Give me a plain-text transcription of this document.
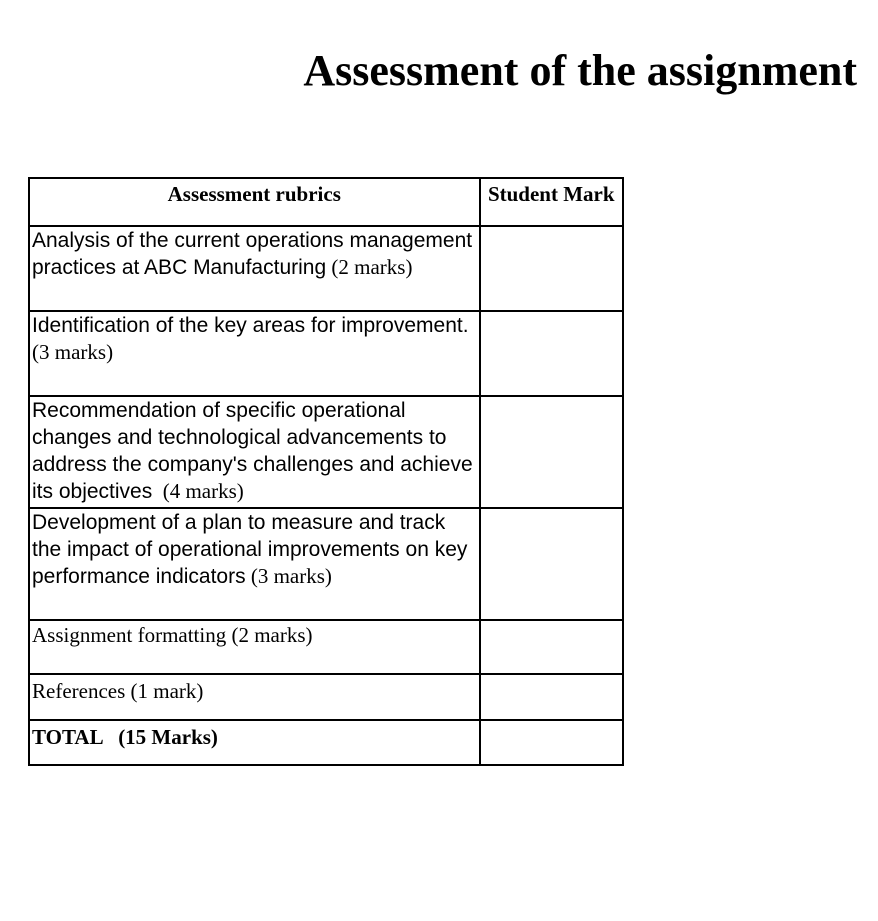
Assessment of the assignment
Assessment rubrics	Student Mark
Analysis of the current operations management practices at ABC Manufacturing (2 marks)	
Identification of the key areas for improvement. (3 marks)	
Recommendation of specific operational changes and technological advancements to address the company's challenges and achieve its objectives  (4 marks)	
Development of a plan to measure and track the impact of operational improvements on key performance indicators (3 marks)	
Assignment formatting (2 marks)	
References (1 mark)	
TOTAL (15 Marks)	
